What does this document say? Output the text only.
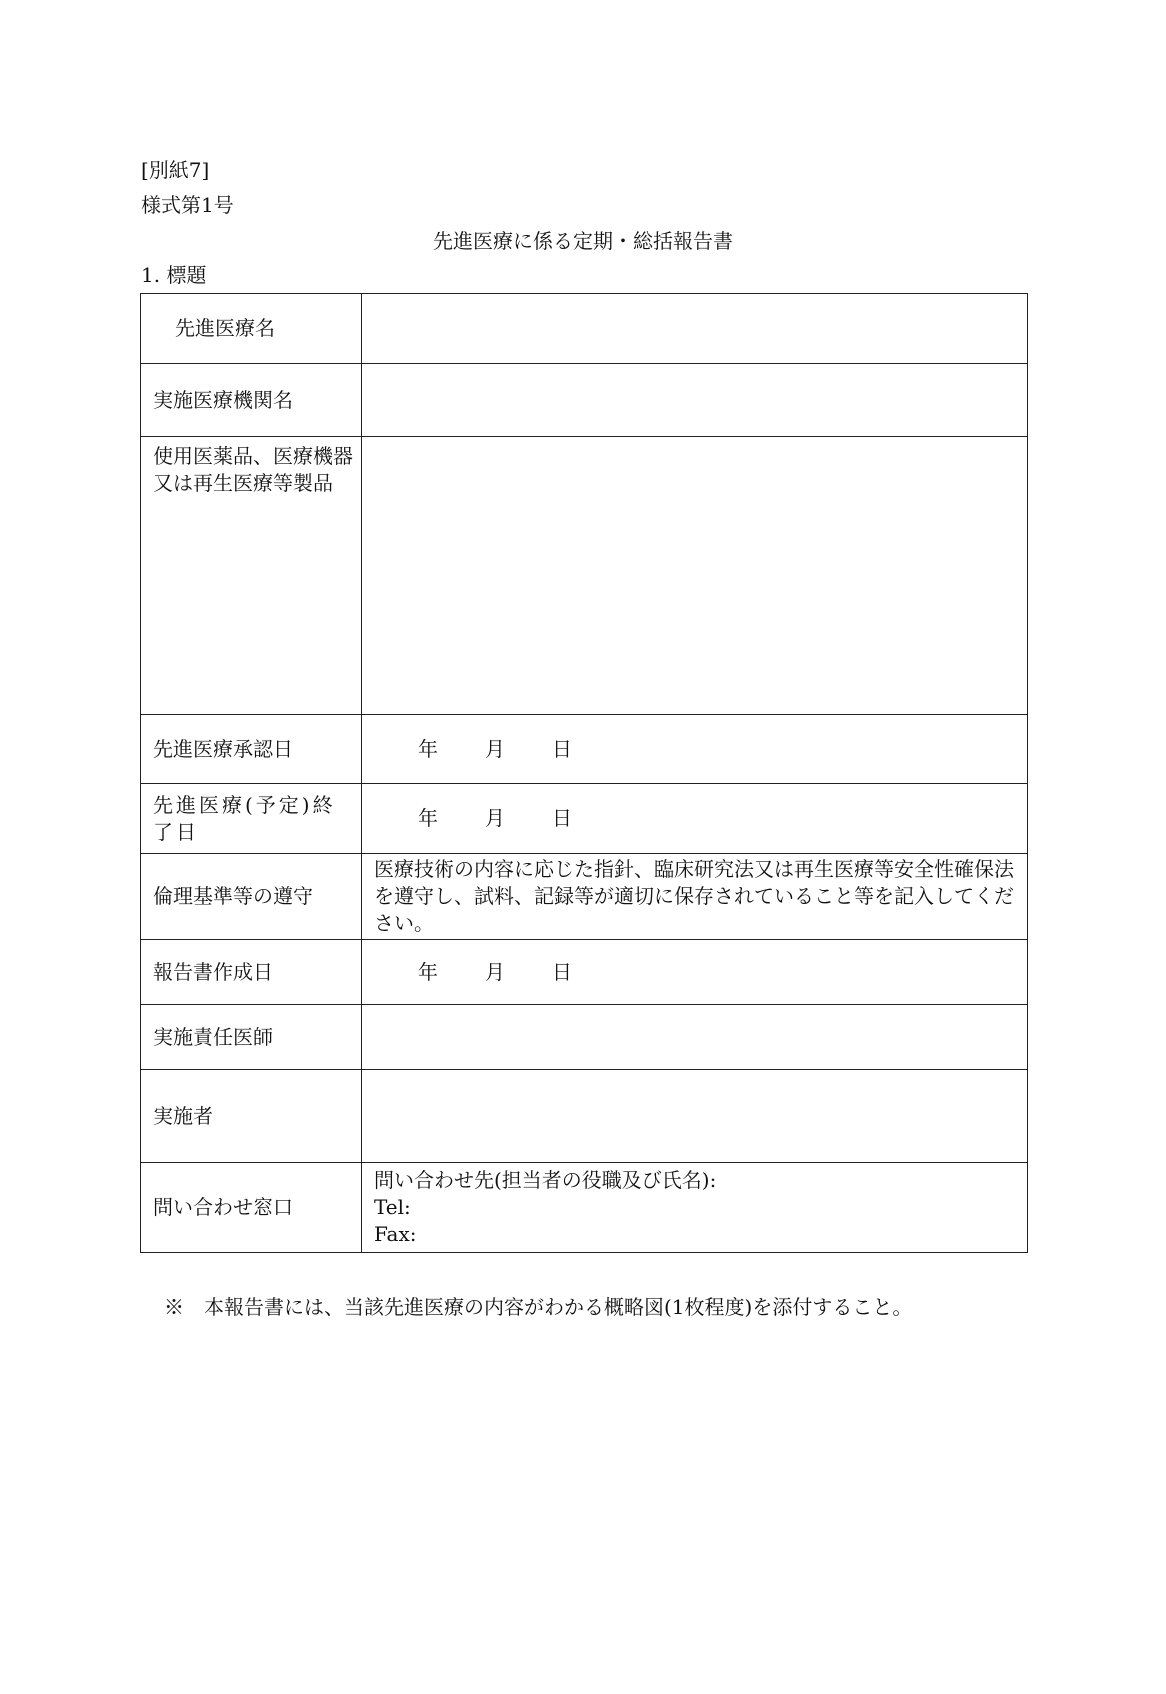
[別紙7]
様式第1号
先進医療に係る定期・総括報告書
1. 標題
先進医療名	
実施医療機関名	
使用医薬品、医療機器又は再生医療等製品	
先進医療承認日	年 月 日
先進医療(予定)終了日	年 月 日
倫理基準等の遵守	医療技術の内容に応じた指針、臨床研究法又は再生医療等安全性確保法を遵守し、試料、記録等が適切に保存されていること等を記入してください。
報告書作成日	年 月 日
実施責任医師	
実施者	
問い合わせ窓口	問い合わせ先(担当者の役職及び氏名):
Tel:
Fax:
※　本報告書には、当該先進医療の内容がわかる概略図(1枚程度)を添付すること。
